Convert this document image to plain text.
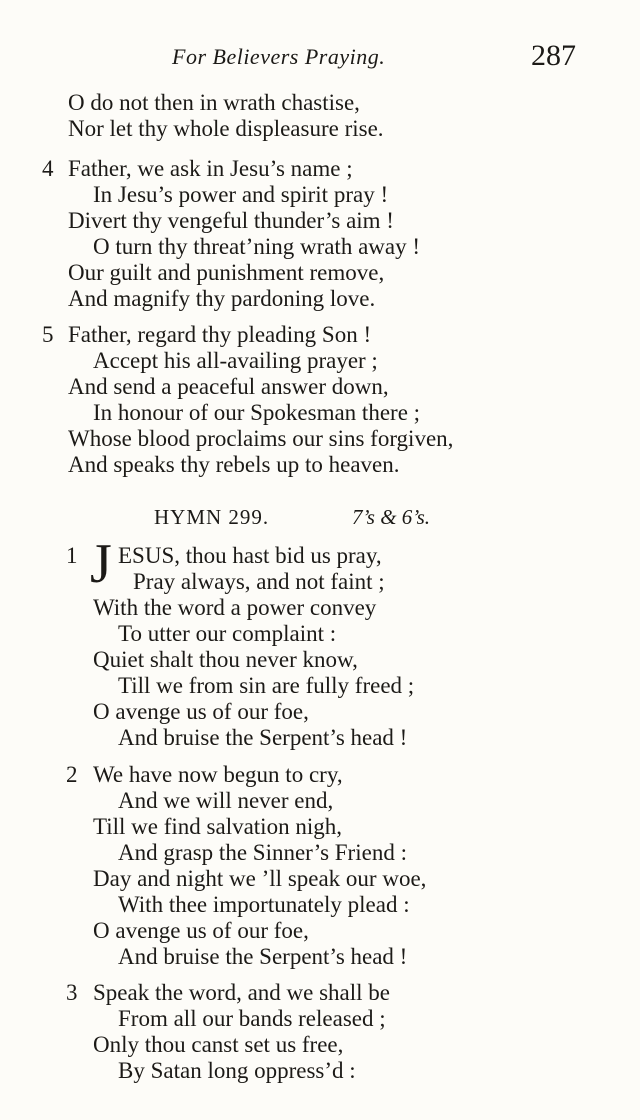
For Believers Praying.	287
O do not then in wrath chastise,
Nor let thy whole displeasure rise.
4 Father, we ask in Jesu’s name ;
In Jesu’s power and spirit pray !
Divert thy vengeful thunder’s aim !
O turn thy threat’ning wrath away !
Our guilt and punishment remove,
And magnify thy pardoning love.
5 Father, regard thy pleading Son !
Accept his all-availing prayer ;
And send a peaceful answer down,
In honour of our Spokesman there ;
Whose blood proclaims our sins forgiven,
And speaks thy rebels up to heaven.
HYMN 299.	7’s & 6’s.
1 J ESUS, thou hast bid us pray,
Pray always, and not faint ;
With the word a power convey
To utter our complaint :
Quiet shalt thou never know,
Till we from sin are fully freed ;
O avenge us of our foe,
And bruise the Serpent’s head !
2 We have now begun to cry,
And we will never end,
Till we find salvation nigh,
And grasp the Sinner’s Friend :
Day and night we ’ll speak our woe,
With thee importunately plead :
O avenge us of our foe,
And bruise the Serpent’s head !
3 Speak the word, and we shall be
From all our bands released ;
Only thou canst set us free,
By Satan long oppress’d :
